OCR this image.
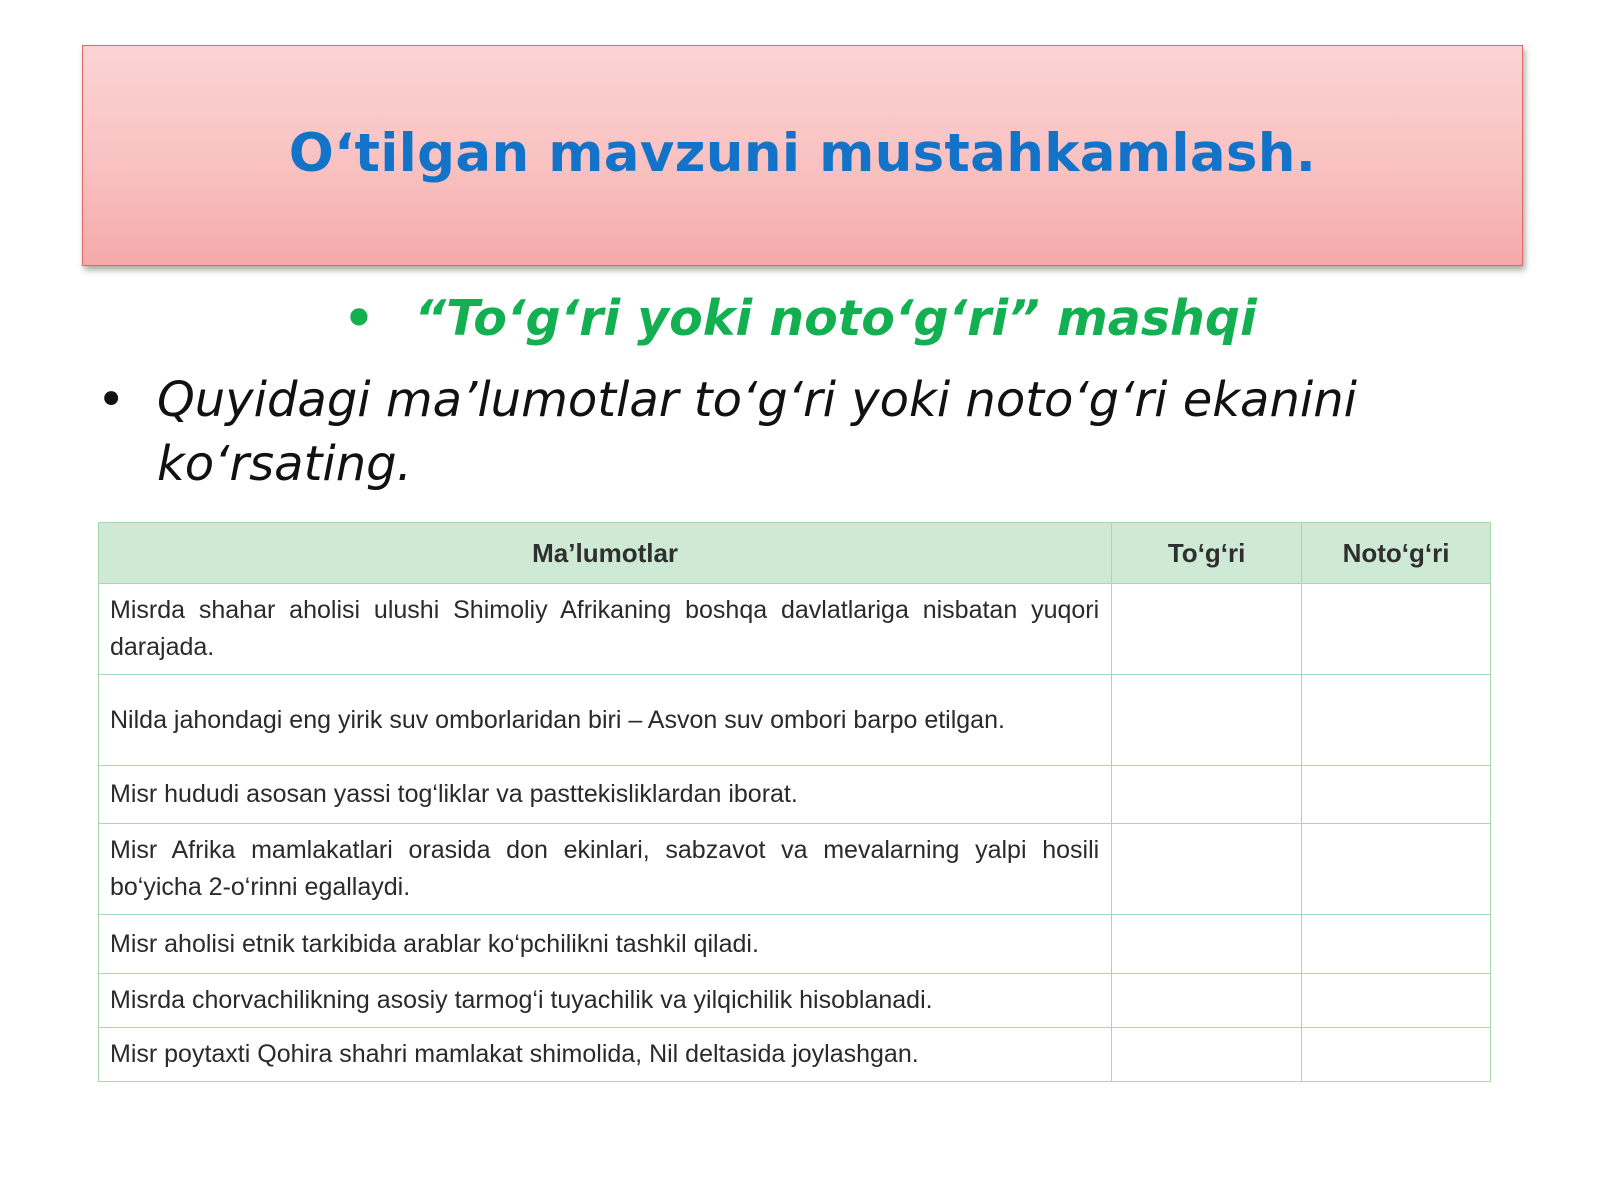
O‘tilgan mavzuni mustahkamlash.
• “To‘g‘ri yoki noto‘g‘ri” mashqi
• Quyidagi ma’lumotlar to‘g‘ri yoki noto‘g‘ri ekanini ko‘rsating.
Ma’lumotlar	To‘g‘ri	Noto‘g‘ri
Misrda shahar aholisi ulushi Shimoliy Afrikaning boshqa davlatlariga nisbatan yuqori darajada.		
Nilda jahondagi eng yirik suv omborlaridan biri – Asvon suv ombori barpo etilgan.		
Misr hududi asosan yassi tog‘liklar va pasttekisliklardan iborat.		
Misr Afrika mamlakatlari orasida don ekinlari, sabzavot va mevalarning yalpi hosili bo‘yicha 2-o‘rinni egallaydi.		
Misr aholisi etnik tarkibida arablar ko‘pchilikni tashkil qiladi.		
Misrda chorvachilikning asosiy tarmog‘i tuyachilik va yilqichilik hisoblanadi.		
Misr poytaxti Qohira shahri mamlakat shimolida, Nil deltasida joylashgan.		
